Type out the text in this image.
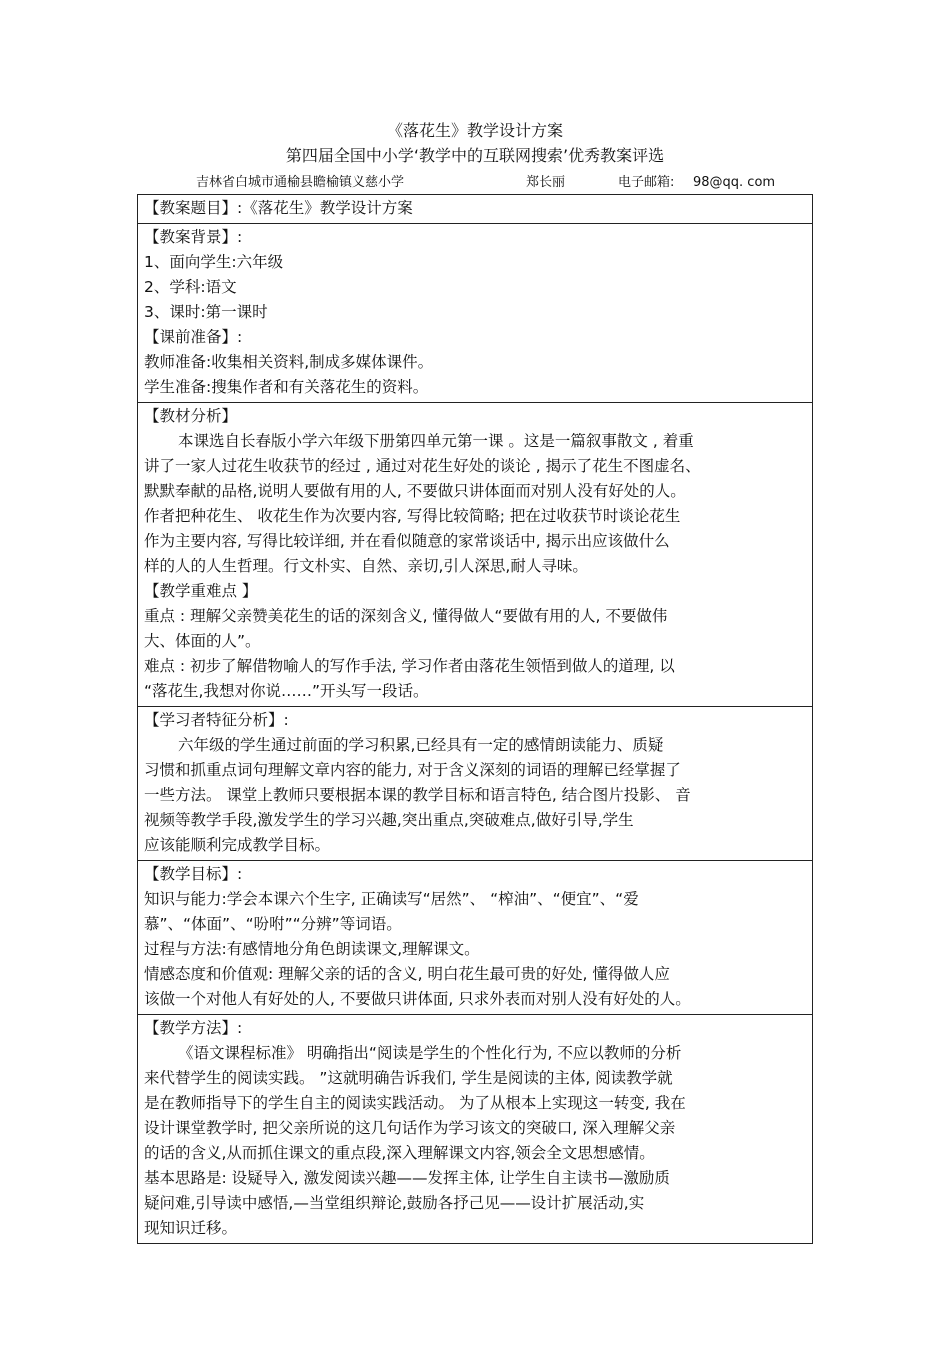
《落花生》教学设计方案
第四届全国中小学‘教学中的互联网搜索’优秀教案评选
吉林省白城市通榆县瞻榆镇义慈小学	郑长丽	电子邮箱: 98@qq. com
【教案题目】:《落花生》教学设计方案

【教案背景】:
1、面向学生:六年级
2、学科:语文
3、课时:第一课时
【课前准备】:
教师准备:收集相关资料,制成多媒体课件。
学生准备:搜集作者和有关落花生的资料。

【教材分析】
本课选自长春版小学六年级下册第四单元第一课 。这是一篇叙事散文 , 着重
讲了一家人过花生收获节的经过 , 通过对花生好处的谈论 , 揭示了花生不图虚名、
默默奉献的品格,说明人要做有用的人, 不要做只讲体面而对别人没有好处的人。
作者把种花生、 收花生作为次要内容, 写得比较简略; 把在过收获节时谈论花生
作为主要内容, 写得比较详细, 并在看似随意的家常谈话中, 揭示出应该做什么
样的人的人生哲理。行文朴实、自然、亲切,引人深思,耐人寻味。
【教学重难点 】
重点 : 理解父亲赞美花生的话的深刻含义, 懂得做人“要做有用的人, 不要做伟
大、体面的人”。
难点 : 初步了解借物喻人的写作手法, 学习作者由落花生领悟到做人的道理, 以
“落花生,我想对你说……”开头写一段话。

【学习者特征分析】:
六年级的学生通过前面的学习积累,已经具有一定的感情朗读能力、质疑
习惯和抓重点词句理解文章内容的能力, 对于含义深刻的词语的理解已经掌握了
一些方法。 课堂上教师只要根据本课的教学目标和语言特色, 结合图片投影、 音
视频等教学手段,激发学生的学习兴趣,突出重点,突破难点,做好引导,学生
应该能顺利完成教学目标。

【教学目标】:
知识与能力:学会本课六个生字, 正确读写“居然”、 “榨油”、“便宜”、“爱
慕”、“体面”、“吩咐”“分辨”等词语。
过程与方法:有感情地分角色朗读课文,理解课文。
情感态度和价值观: 理解父亲的话的含义, 明白花生最可贵的好处, 懂得做人应
该做一个对他人有好处的人, 不要做只讲体面, 只求外表而对别人没有好处的人。

【教学方法】:
《语文课程标准》 明确指出“阅读是学生的个性化行为, 不应以教师的分析
来代替学生的阅读实践。 ”这就明确告诉我们, 学生是阅读的主体, 阅读教学就
是在教师指导下的学生自主的阅读实践活动。 为了从根本上实现这一转变, 我在
设计课堂教学时, 把父亲所说的这几句话作为学习该文的突破口, 深入理解父亲
的话的含义,从而抓住课文的重点段,深入理解课文内容,领会全文思想感情。
基本思路是: 设疑导入, 激发阅读兴趣——发挥主体, 让学生自主读书—激励质
疑问难,引导读中感悟,—当堂组织辩论,鼓励各抒己见——设计扩展活动,实
现知识迁移。
